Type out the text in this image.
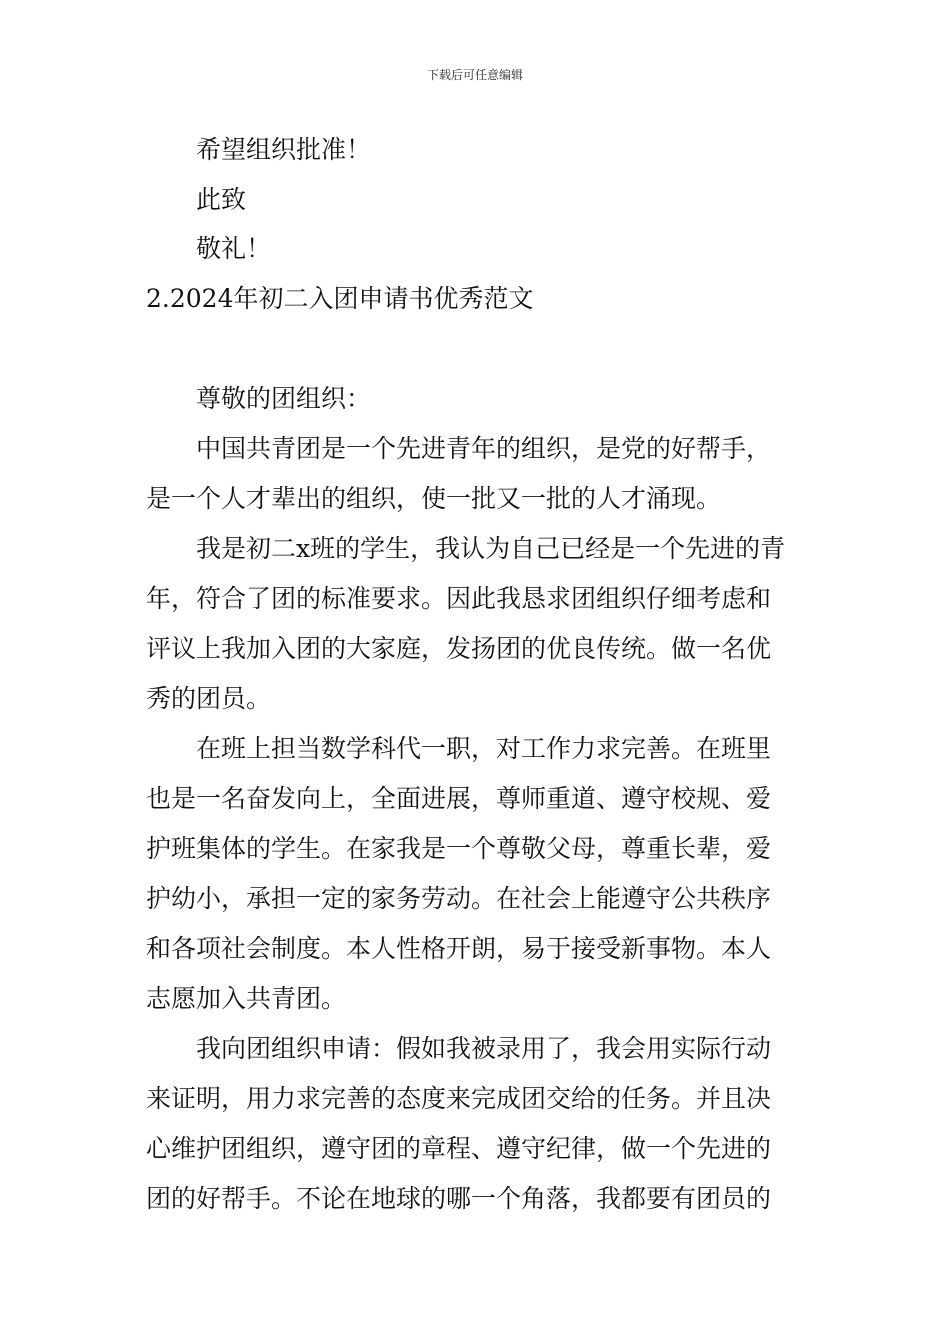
下载后可任意编辑
希望组织批准！
此致
敬礼！
2.2024年初二入团申请书优秀范文
尊敬的团组织：
中国共青团是一个先进青年的组织，是党的好帮手，
是一个人才辈出的组织，使一批又一批的人才涌现。
我是初二x班的学生，我认为自己已经是一个先进的青
年，符合了团的标准要求。因此我恳求团组织仔细考虑和
评议上我加入团的大家庭，发扬团的优良传统。做一名优
秀的团员。
在班上担当数学科代一职，对工作力求完善。在班里
也是一名奋发向上，全面进展，尊师重道、遵守校规、爱
护班集体的学生。在家我是一个尊敬父母，尊重长辈，爱
护幼小，承担一定的家务劳动。在社会上能遵守公共秩序
和各项社会制度。本人性格开朗，易于接受新事物。本人
志愿加入共青团。
我向团组织申请：假如我被录用了，我会用实际行动
来证明，用力求完善的态度来完成团交给的任务。并且决
心维护团组织，遵守团的章程、遵守纪律，做一个先进的
团的好帮手。不论在地球的哪一个角落，我都要有团员的
